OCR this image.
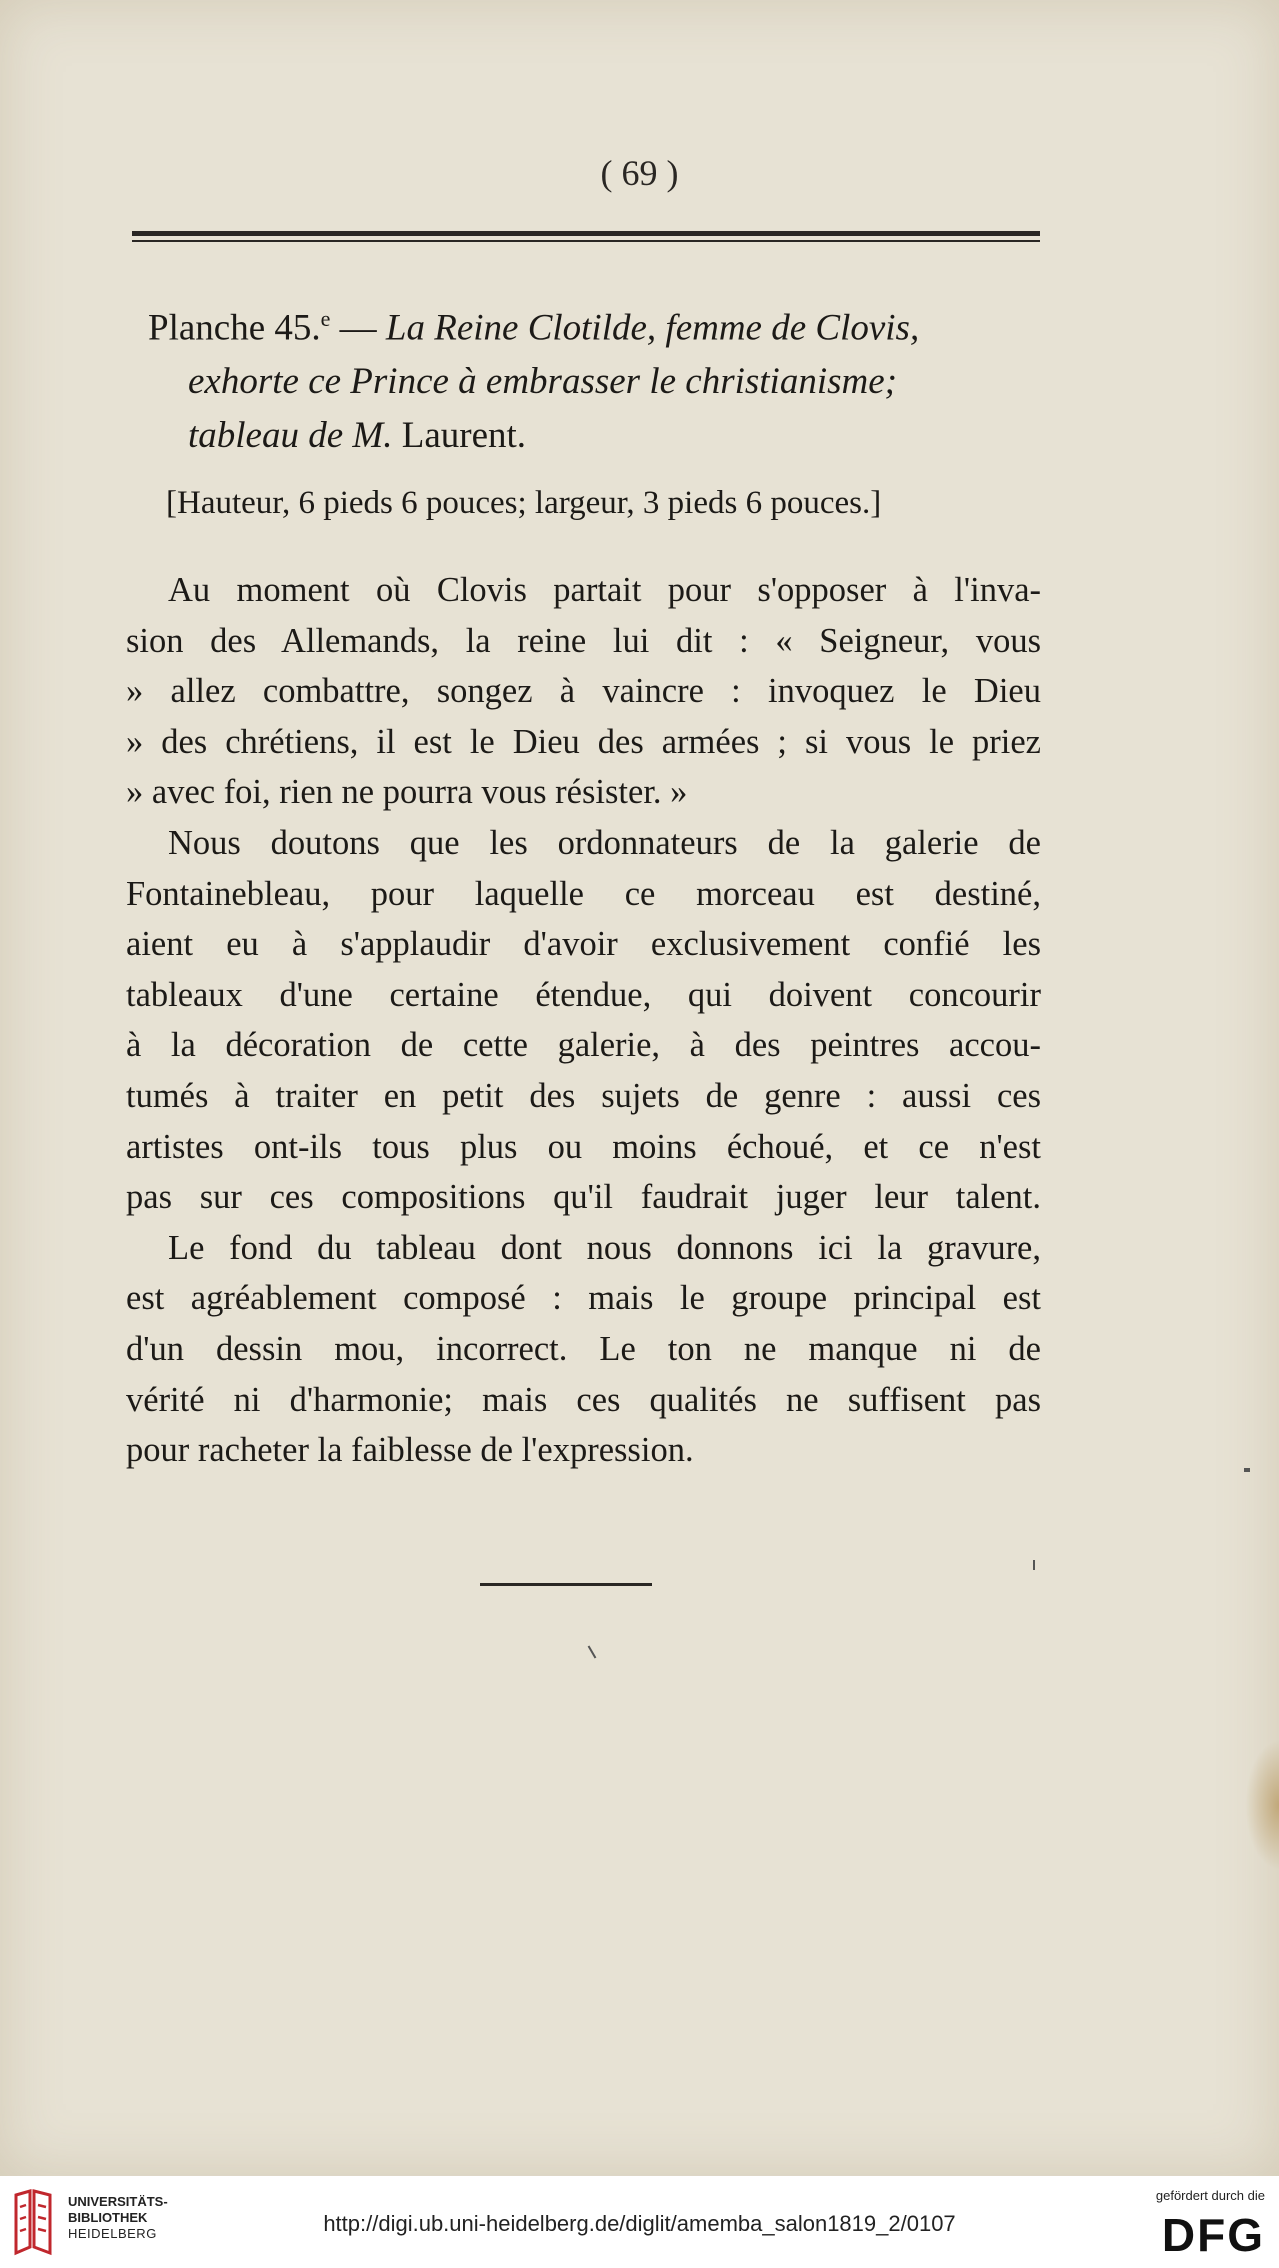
( 69 )
Planche 45.$^e$ — La Reine Clotilde, femme de Clovis,
exhorte ce Prince à embrasser le christianisme;
tableau de M. Laurent.
[Hauteur, 6 pieds 6 pouces; largeur, 3 pieds 6 pouces.]
Au moment où Clovis partait pour s'opposer à l'inva-
sion des Allemands, la reine lui dit : « Seigneur, vous
» allez combattre, songez à vaincre : invoquez le Dieu
» des chrétiens, il est le Dieu des armées ; si vous le priez
» avec foi, rien ne pourra vous résister. »
Nous doutons que les ordonnateurs de la galerie de
Fontainebleau, pour laquelle ce morceau est destiné,
aient eu à s'applaudir d'avoir exclusivement confié les
tableaux d'une certaine étendue, qui doivent concourir
à la décoration de cette galerie, à des peintres accou-
tumés à traiter en petit des sujets de genre : aussi ces
artistes ont-ils tous plus ou moins échoué, et ce n'est
pas sur ces compositions qu'il faudrait juger leur talent.
Le fond du tableau dont nous donnons ici la gravure,
est agréablement composé : mais le groupe principal est
d'un dessin mou, incorrect. Le ton ne manque ni de
vérité ni d'harmonie; mais ces qualités ne suffisent pas
pour racheter la faiblesse de l'expression.
UNIVERSITÄTS-
BIBLIOTHEK
HEIDELBERG	http://digi.ub.uni-heidelberg.de/diglit/amemba_salon1819_2/0107
gefördert durch die
DFG
